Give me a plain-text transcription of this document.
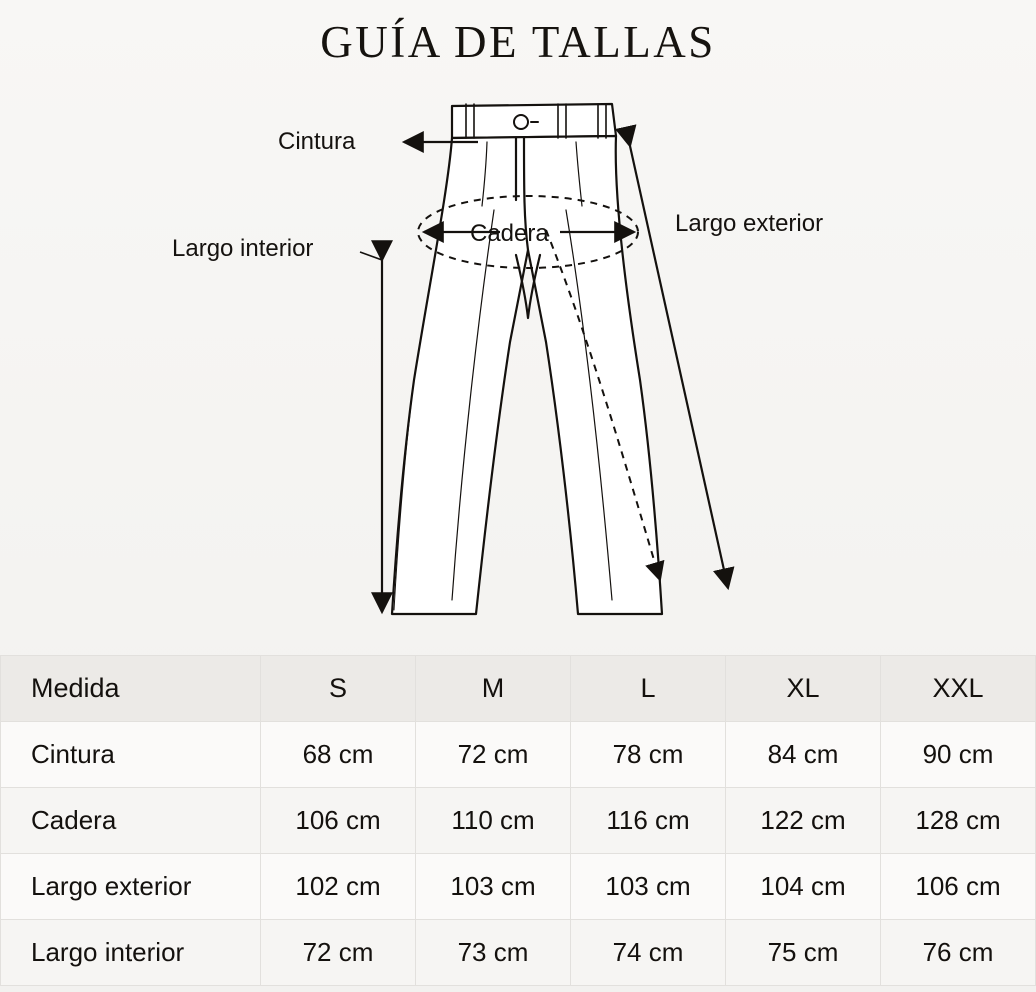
GUÍA DE TALLAS
Cintura
Cadera	Largo exterior
Largo interior
Medida	S	M	L	XL	XXL
Cintura	68 cm	72 cm	78 cm	84 cm	90 cm
Cadera	106 cm	110 cm	116 cm	122 cm	128 cm
Largo exterior	102 cm	103 cm	103 cm	104 cm	106 cm
Largo interior	72 cm	73 cm	74 cm	75 cm	76 cm
